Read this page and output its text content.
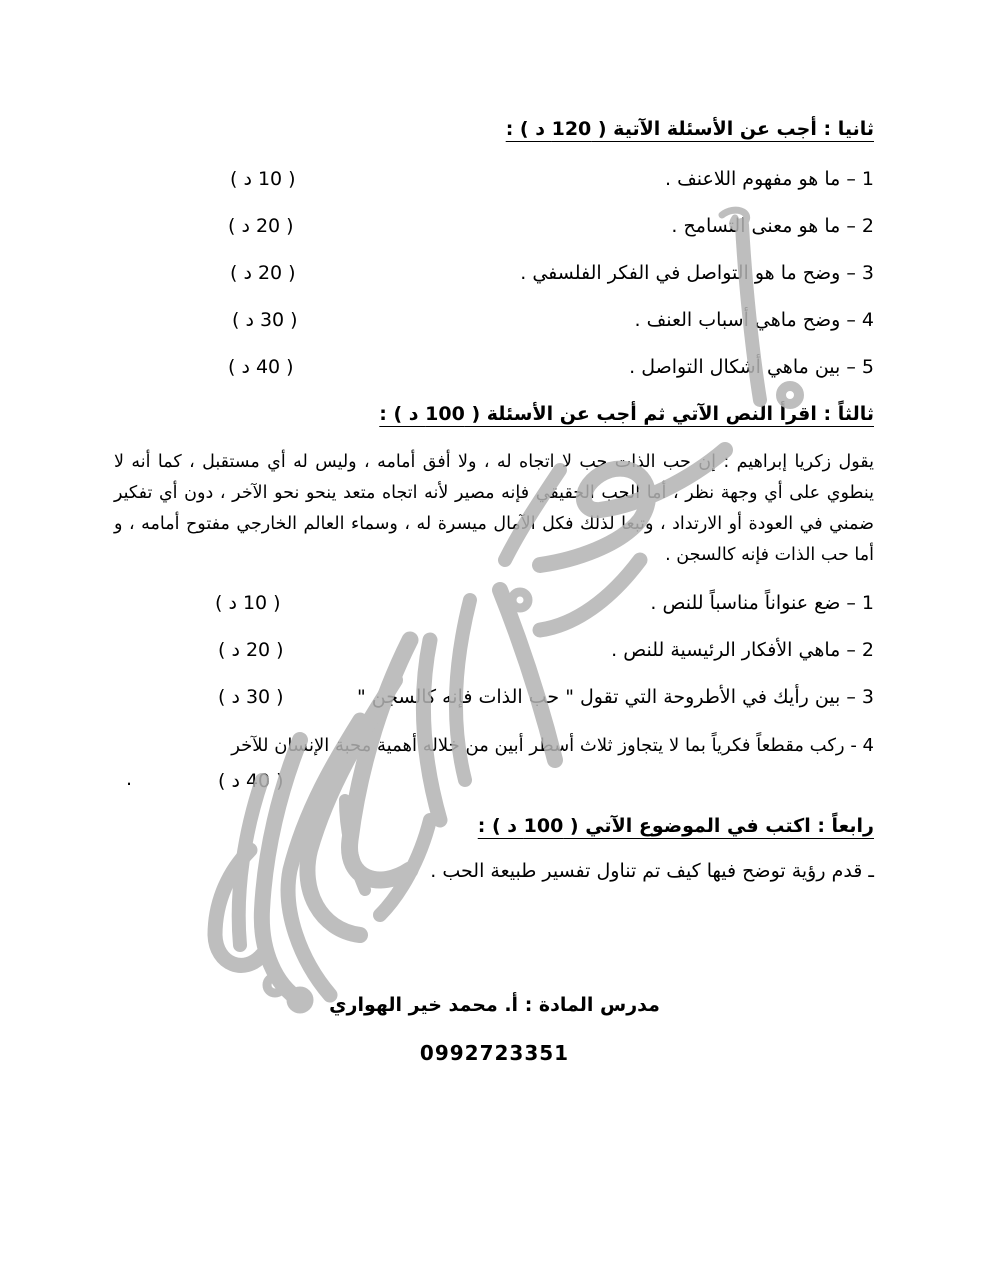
ثانيا : أجب عن الأسئلة الآتية ( 120 د ) :
1 – ما هو مفهوم اللاعنف .
( 10 د )
2 – ما هو معنى التسامح .
( 20 د )
3 – وضح ما هو التواصل في الفكر الفلسفي .
( 20 د )
4 – وضح ماهي أسباب العنف .
( 30 د )
5 – بين ماهي أشكال التواصل .
( 40 د )
ثالثاً : اقرأ النص الآتي ثم أجب عن الأسئلة ( 100 د ) :
يقول زكريا إبراهيم : إن حب الذات حب لا اتجاه له ، ولا أفق أمامه ، وليس له أي مستقبل ، كما أنه لا ينطوي على أي وجهة نظر ، أما الحب الحقيقي فإنه مصير لأنه اتجاه متعد ينحو نحو الآخر ، دون أي تفكير ضمني في العودة أو الارتداد ، وتبعا لذلك فكل الآمال ميسرة له ، وسماء العالم الخارجي مفتوح أمامه ، و أما حب الذات فإنه كالسجن .
1 – ضع عنواناً مناسباً للنص .
( 10 د )
2 – ماهي الأفكار الرئيسية للنص .
( 20 د )
3 – بين رأيك في الأطروحة التي تقول " حب الذات فإنه كالسجن "
( 30 د )
4 - ركب مقطعاً فكرياً بما لا يتجاوز ثلاث أسطر أبين من خلاله أهمية محبة الإنسان للآخر
( 40 د )
.
رابعاً : اكتب في الموضوع الآتي ( 100 د ) :
ـ قدم رؤية توضح فيها كيف تم تناول تفسير طبيعة الحب .
مدرس المادة : أ. محمد خير الهواري
0992723351
